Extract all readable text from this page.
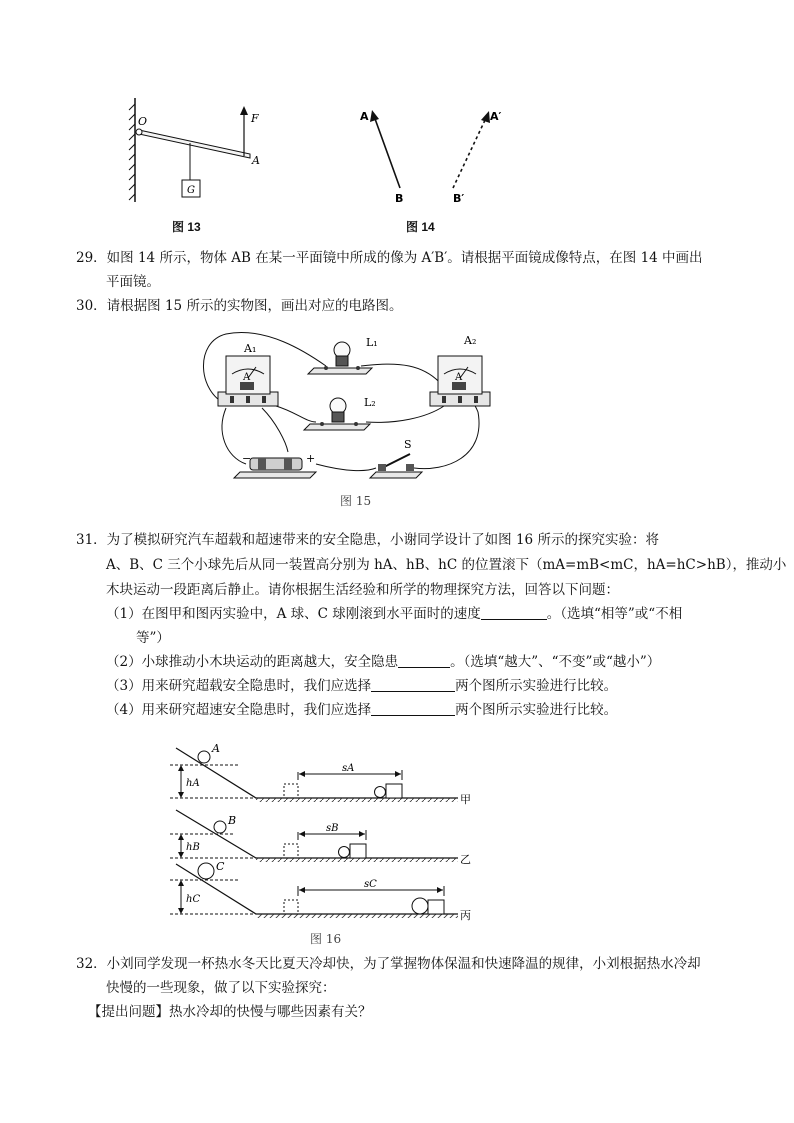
O	F
A
G
图 13
A
B
A′
B′
图 14
29．如图 14 所示，物体 AB 在某一平面镜中所成的像为 A′B′。请根据平面镜成像特点，在图 14 中画出
平面镜。
30．请根据图 15 所示的实物图，画出对应的电路图。
A₁
A
A₂
A
L₁
L₂
−	+
S
图 15
31．为了模拟研究汽车超载和超速带来的安全隐患，小谢同学设计了如图 16 所示的探究实验：将
A、B、C 三个小球先后从同一装置高分别为 hA、hB、hC 的位置滚下（mA=mB<mC，hA=hC>hB），推动小
木块运动一段距离后静止。请你根据生活经验和所学的物理探究方法，回答以下问题：
（1）在图甲和图丙实验中，A 球、C 球刚滚到水平面时的速度	。（选填“相等”或“不相
等”）
（2）小球推动小木块运动的距离越大，安全隐患	。（选填“越大”、“不变”或“越小”）
（3）用来研究超载安全隐患时，我们应选择	两个图所示实验进行比较。
（4）用来研究超速安全隐患时，我们应选择	两个图所示实验进行比较。
A
hA
sA
甲
B
hB
sB
乙
C
hC
sC
丙
图 16
32．小刘同学发现一杯热水冬天比夏天冷却快，为了掌握物体保温和快速降温的规律，小刘根据热水冷却
快慢的一些现象，做了以下实验探究：
【提出问题】热水冷却的快慢与哪些因素有关？
